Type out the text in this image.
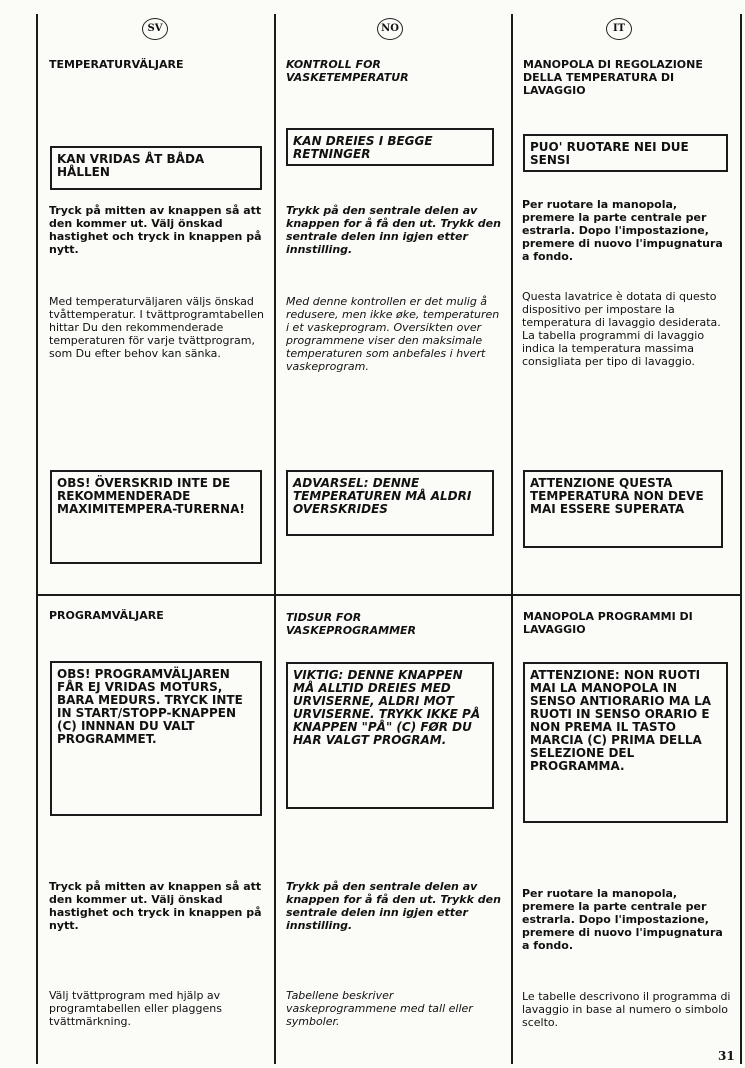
SV
TEMPERATURVÄLJARE
KAN VRIDAS ÅT BÅDA HÅLLEN
Tryck på mitten av knappen så att den kommer ut. Välj önskad hastighet och tryck in knappen på nytt.
Med temperaturväljaren väljs önskad tvåttemperatur. I tvättprogramtabellen hittar Du den rekommenderade temperaturen för varje tvättprogram, som Du efter behov kan sänka.
OBS! ÖVERSKRID INTE DE REKOMMENDERADE MAXIMITEMPERA-TURERNA!
PROGRAMVÄLJARE
OBS! PROGRAMVÄLJAREN FÅR EJ VRIDAS MOTURS, BARA MEDURS. TRYCK INTE IN START/STOPP-KNAPPEN (C) INNNAN DU VALT PROGRAMMET.
Tryck på mitten av knappen så att den kommer ut. Välj önskad hastighet och tryck in knappen på nytt.
Välj tvättprogram med hjälp av programtabellen eller plaggens tvättmärkning.
NO
KONTROLL FOR VASKETEMPERATUR
KAN DREIES I BEGGE RETNINGER
Trykk på den sentrale delen av knappen for å få den ut. Trykk den sentrale delen inn igjen etter innstilling.
Med denne kontrollen er det mulig å redusere, men ikke øke, temperaturen i et vaskeprogram. Oversikten over programmene viser den maksimale temperaturen som anbefales i hvert vaskeprogram.
ADVARSEL: DENNE TEMPERATUREN MÅ ALDRI OVERSKRIDES
TIDSUR FOR VASKEPROGRAMMER
VIKTIG: DENNE KNAPPEN MÅ ALLTID DREIES MED URVISERNE, ALDRI MOT URVISERNE. TRYKK IKKE PÅ KNAPPEN "PÅ" (C) FØR DU HAR VALGT PROGRAM.
Trykk på den sentrale delen av knappen for å få den ut. Trykk den sentrale delen inn igjen etter innstilling.
Tabellene beskriver vaskeprogrammene med tall eller symboler.
IT
MANOPOLA DI REGOLAZIONE DELLA TEMPERATURA DI LAVAGGIO
PUO' RUOTARE NEI DUE SENSI
Per ruotare la manopola, premere la parte centrale per estrarla. Dopo l'impostazione, premere di nuovo l'impugnatura a fondo.
Questa lavatrice è dotata di questo dispositivo per impostare la temperatura di lavaggio desiderata. La tabella programmi di lavaggio indica la temperatura massima consigliata per tipo di lavaggio.
ATTENZIONE QUESTA TEMPERATURA NON DEVE MAI ESSERE SUPERATA
MANOPOLA PROGRAMMI DI LAVAGGIO
ATTENZIONE: NON RUOTI MAI LA MANOPOLA IN SENSO ANTIORARIO MA LA RUOTI IN SENSO ORARIO E NON PREMA IL TASTO MARCIA (C) PRIMA DELLA SELEZIONE DEL PROGRAMMA.
Per ruotare la manopola, premere la parte centrale per estrarla. Dopo l'impostazione, premere di nuovo l'impugnatura a fondo.
Le tabelle descrivono il programma di lavaggio in base al numero o simbolo scelto.
31
